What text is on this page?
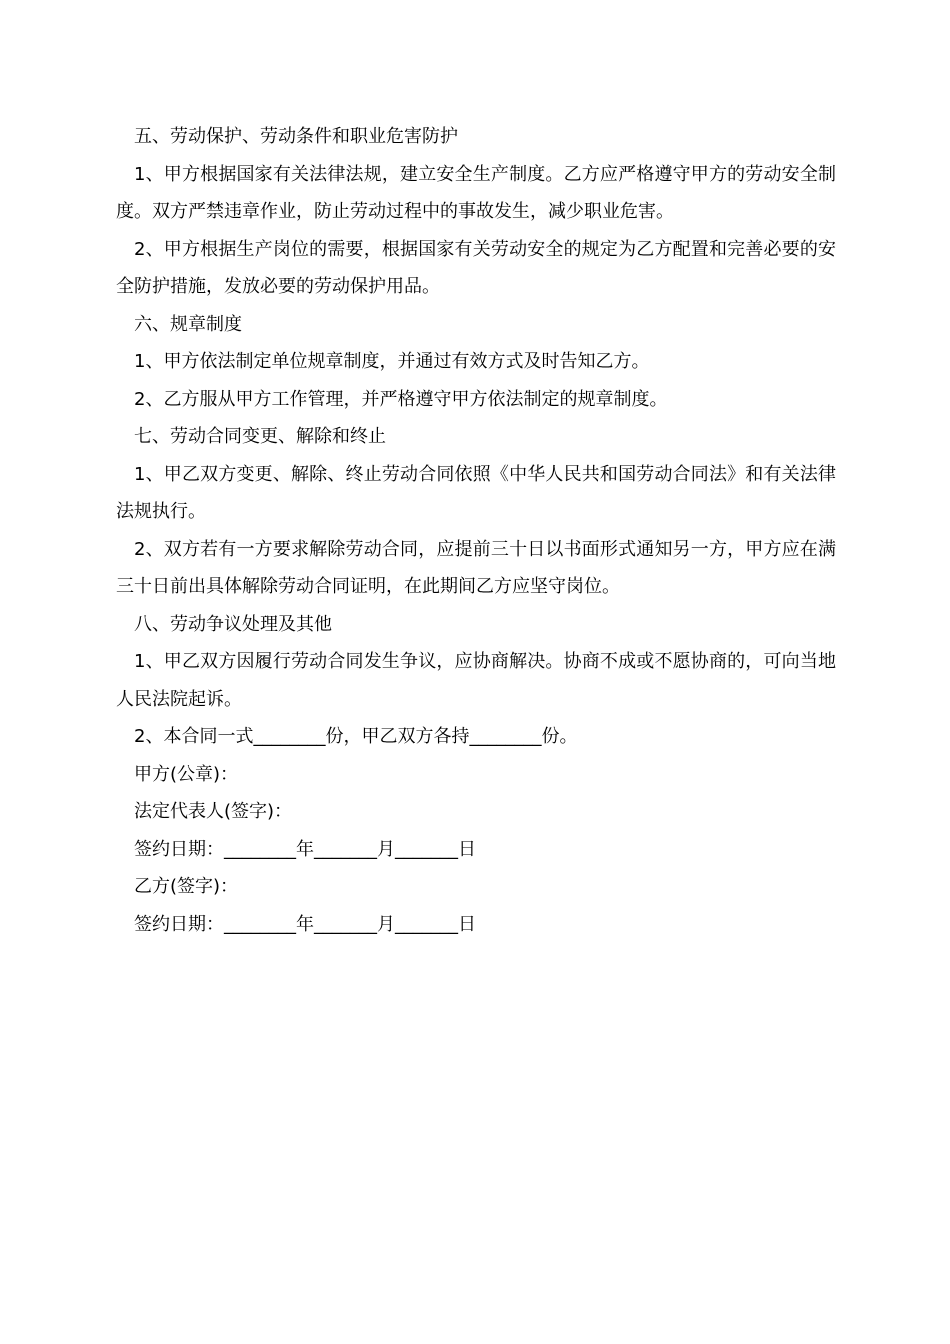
五、劳动保护、劳动条件和职业危害防护

1、甲方根据国家有关法律法规，建立安全生产制度。乙方应严格遵守甲方的劳动安全制度。双方严禁违章作业，防止劳动过程中的事故发生，减少职业危害。

2、甲方根据生产岗位的需要，根据国家有关劳动安全的规定为乙方配置和完善必要的安全防护措施，发放必要的劳动保护用品。

六、规章制度

1、甲方依法制定单位规章制度，并通过有效方式及时告知乙方。

2、乙方服从甲方工作管理，并严格遵守甲方依法制定的规章制度。

七、劳动合同变更、解除和终止

1、甲乙双方变更、解除、终止劳动合同依照《中华人民共和国劳动合同法》和有关法律法规执行。

2、双方若有一方要求解除劳动合同，应提前三十日以书面形式通知另一方，甲方应在满三十日前出具体解除劳动合同证明，在此期间乙方应坚守岗位。

八、劳动争议处理及其他

1、甲乙双方因履行劳动合同发生争议，应协商解决。协商不成或不愿协商的，可向当地人民法院起诉。

2、本合同一式________份，甲乙双方各持________份。

甲方(公章)：

法定代表人(签字)：

签约日期：________年_______月_______日

乙方(签字)：

签约日期：________年_______月_______日
